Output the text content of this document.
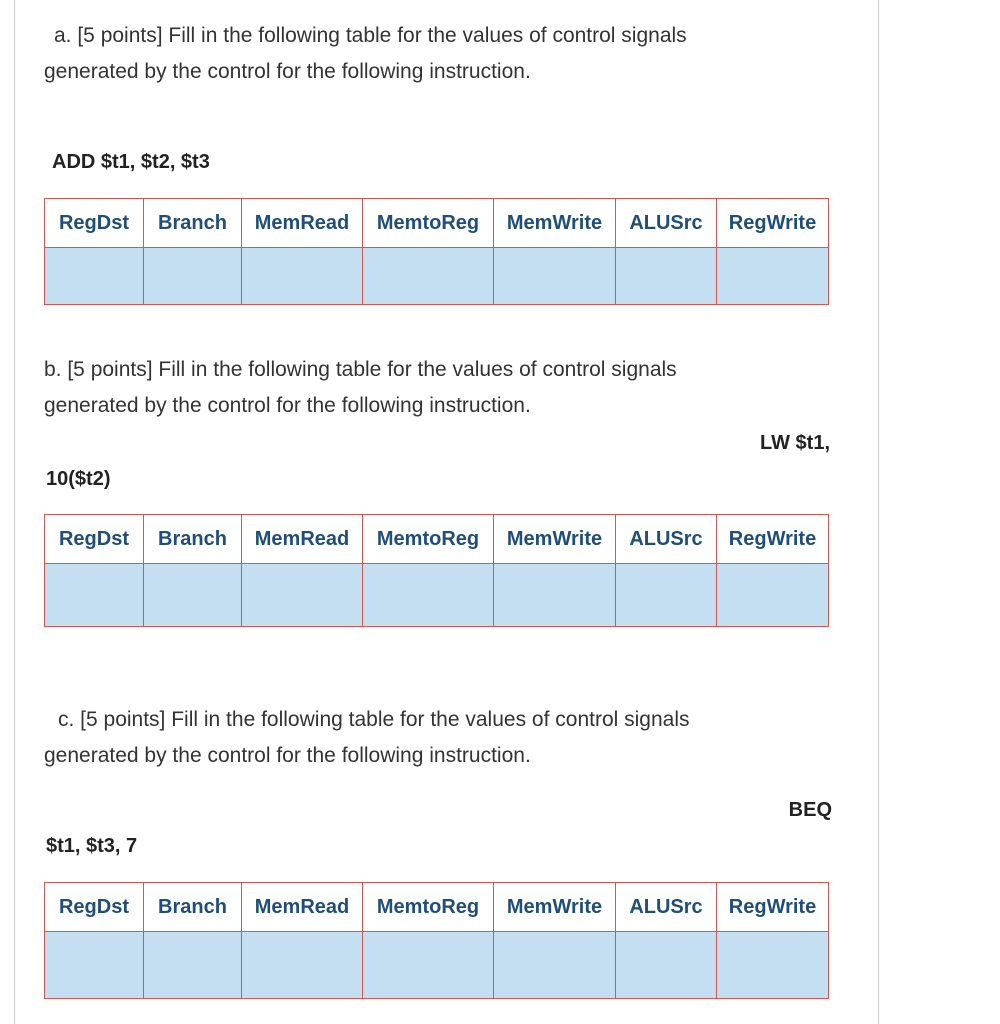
a. [5 points] Fill in the following table for the values of control signals
generated by the control for the following instruction.
ADD $t1, $t2, $t3
RegDst	Branch	MemRead	MemtoReg	MemWrite	ALUSrc	RegWrite

b. [5 points] Fill in the following table for the values of control signals
generated by the control for the following instruction.
LW $t1,
10($t2)
RegDst	Branch	MemRead	MemtoReg	MemWrite	ALUSrc	RegWrite

c. [5 points] Fill in the following table for the values of control signals
generated by the control for the following instruction.
BEQ
$t1, $t3, 7
RegDst	Branch	MemRead	MemtoReg	MemWrite	ALUSrc	RegWrite
